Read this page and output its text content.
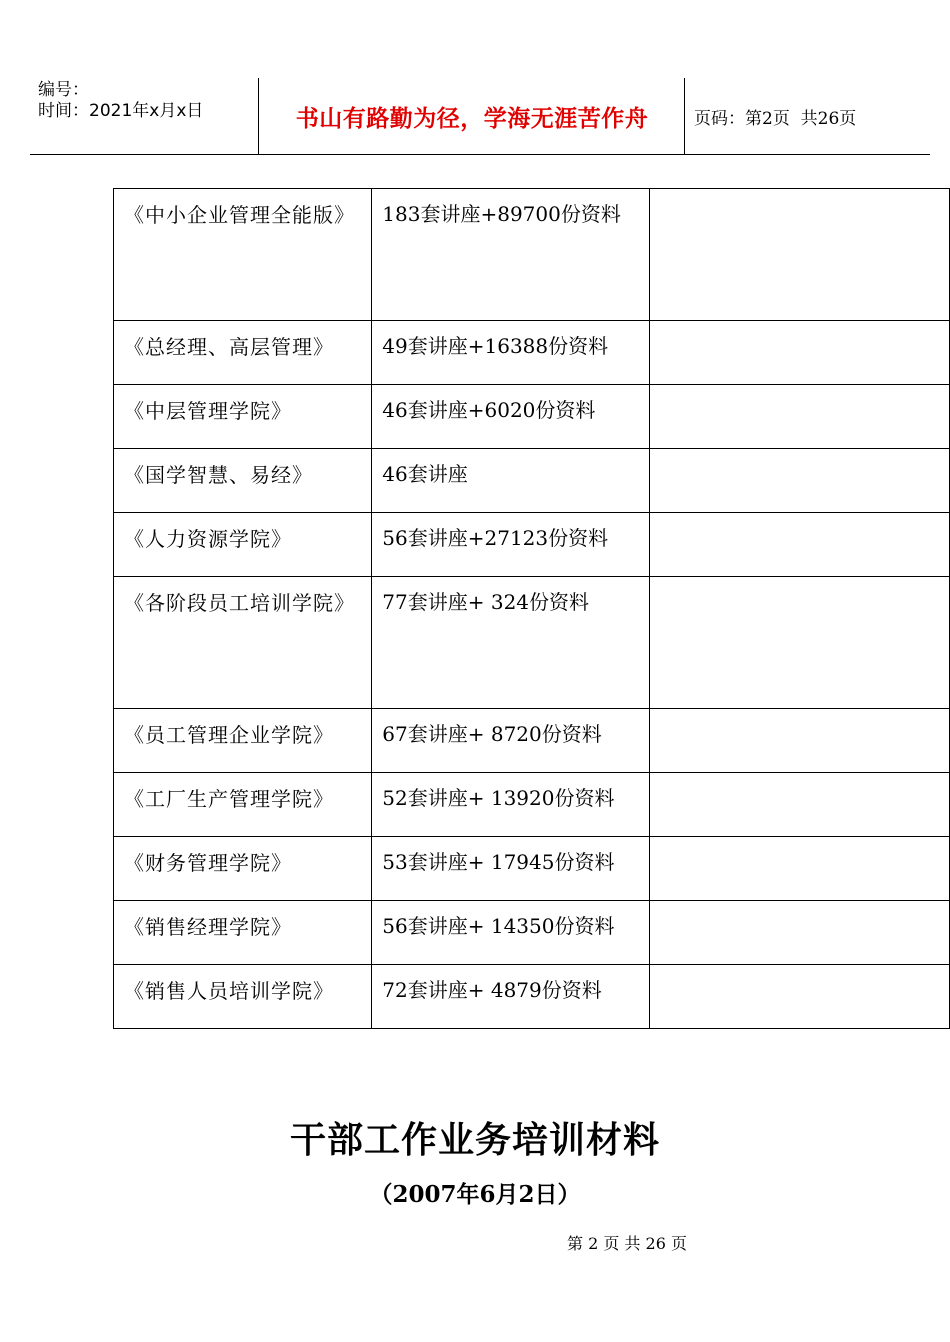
编号：
时间：2021年x月x日	书山有路勤为径，学海无涯苦作舟	页码：第2页  共26页
《中小企业管理全能版》	183套讲座+89700份资料	

《总经理、高层管理》	49套讲座+16388份资料	

《中层管理学院》	46套讲座+6020份资料	

《国学智慧、易经》	46套讲座	

《人力资源学院》	56套讲座+27123份资料	

《各阶段员工培训学院》	77套讲座+ 324份资料	

《员工管理企业学院》	67套讲座+ 8720份资料	

《工厂生产管理学院》	52套讲座+ 13920份资料	

《财务管理学院》	53套讲座+ 17945份资料	

《销售经理学院》	56套讲座+ 14350份资料	

《销售人员培训学院》	72套讲座+ 4879份资料	

干部工作业务培训材料
（2007年6月2日）
第 2 页 共 26 页
